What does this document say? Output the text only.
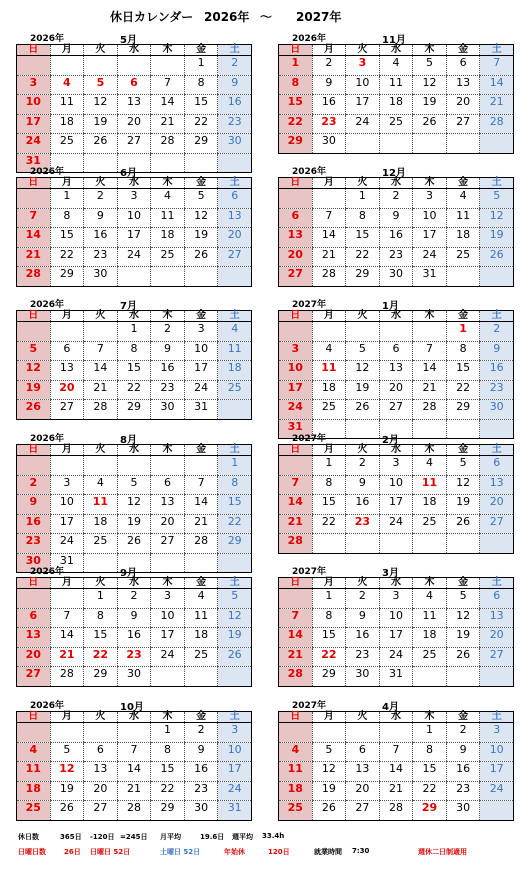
休日カレンダー 2026年 〜 2027年
2026年	5月
日	月	火	水	木	金	土
					1	2
3	4	5	6	7	8	9
10	11	12	13	14	15	16
17	18	19	20	21	22	23
24	25	26	27	28	29	30
31						
2026年	11月
日	月	火	水	木	金	土
1	2	3	4	5	6	7
8	9	10	11	12	13	14
15	16	17	18	19	20	21
22	23	24	25	26	27	28
29	30					
2026年	6月
日	月	火	水	木	金	土
	1	2	3	4	5	6
7	8	9	10	11	12	13
14	15	16	17	18	19	20
21	22	23	24	25	26	27
28	29	30				
2026年	12月
日	月	火	水	木	金	土
		1	2	3	4	5
6	7	8	9	10	11	12
13	14	15	16	17	18	19
20	21	22	23	24	25	26
27	28	29	30	31		
2026年	7月
日	月	火	水	木	金	土
			1	2	3	4
5	6	7	8	9	10	11
12	13	14	15	16	17	18
19	20	21	22	23	24	25
26	27	28	29	30	31	
2027年	1月
日	月	火	水	木	金	土
					1	2
3	4	5	6	7	8	9
10	11	12	13	14	15	16
17	18	19	20	21	22	23
24	25	26	27	28	29	30
31						
2026年	8月
日	月	火	水	木	金	土
						1
2	3	4	5	6	7	8
9	10	11	12	13	14	15
16	17	18	19	20	21	22
23	24	25	26	27	28	29
30	31					
2027年	2月
日	月	火	水	木	金	土
	1	2	3	4	5	6
7	8	9	10	11	12	13
14	15	16	17	18	19	20
21	22	23	24	25	26	27
28						
2026年	9月
日	月	火	水	木	金	土
		1	2	3	4	5
6	7	8	9	10	11	12
13	14	15	16	17	18	19
20	21	22	23	24	25	26
27	28	29	30			
2027年	3月
日	月	火	水	木	金	土
	1	2	3	4	5	6
7	8	9	10	11	12	13
14	15	16	17	18	19	20
21	22	23	24	25	26	27
28	29	30	31			
2026年	10月
日	月	火	水	木	金	土
				1	2	3
4	5	6	7	8	9	10
11	12	13	14	15	16	17
18	19	20	21	22	23	24
25	26	27	28	29	30	31
2027年	4月
日	月	火	水	木	金	土
				1	2	3
4	5	6	7	8	9	10
11	12	13	14	15	16	17
18	19	20	21	22	23	24
25	26	27	28	29	30	
休日数	365日 -120日 =245日 月平均	19.6日 週平均 33.4h
日曜日数	26日 日曜日 52日	土曜日 52日	年始休	120日	就業時間 7:30	週休二日制適用
